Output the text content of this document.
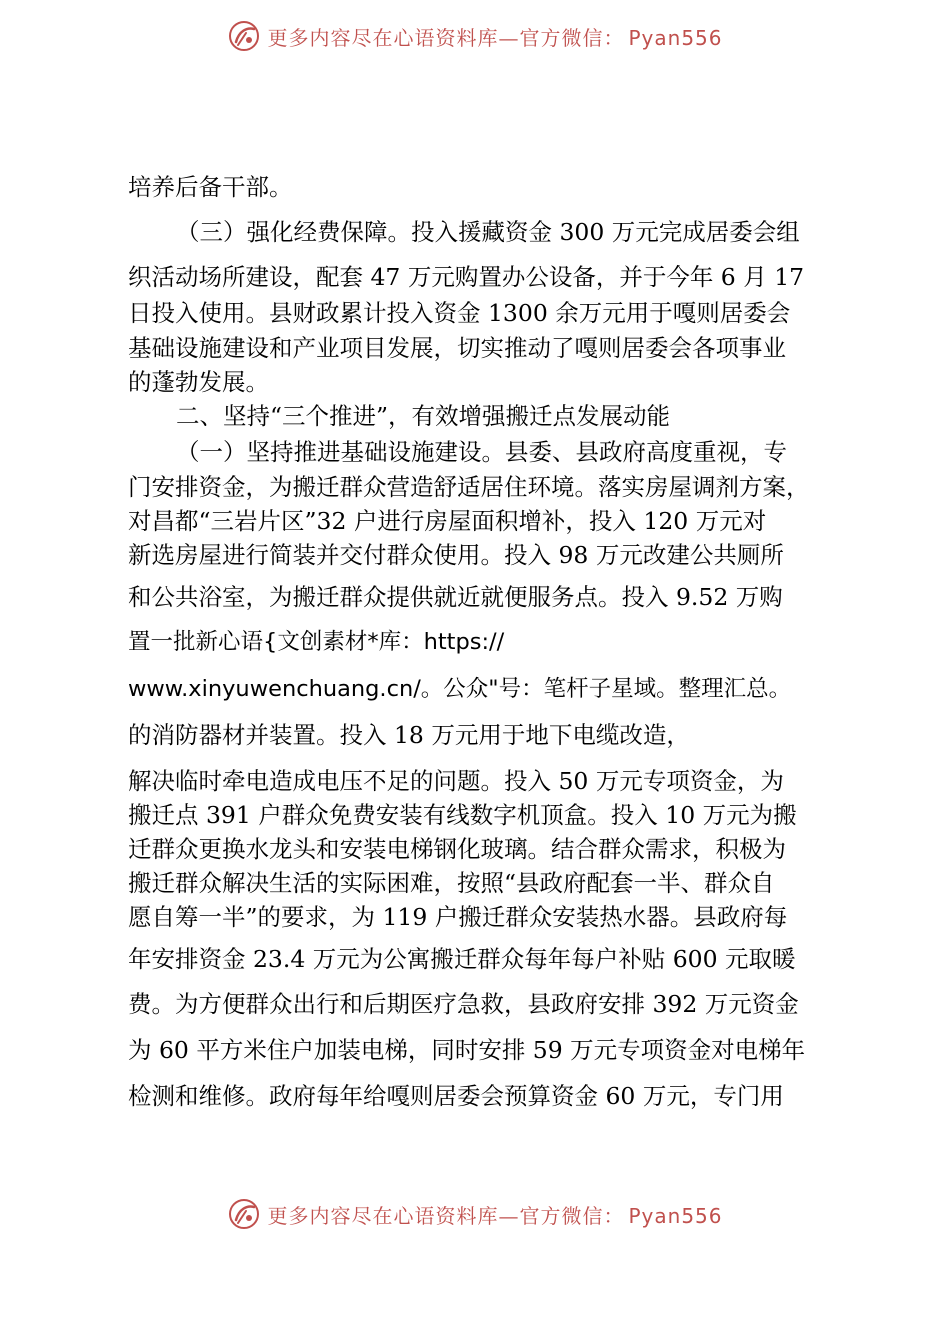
更多内容尽在心语资料库—官方微信： Pyan556
培养后备干部。
（三）强化经费保障。投入援藏资金 300 万元完成居委会组
织活动场所建设，配套 47 万元购置办公设备，并于今年 6 月 17
日投入使用。县财政累计投入资金 1300 余万元用于嘎则居委会
基础设施建设和产业项目发展，切实推动了嘎则居委会各项事业
的蓬勃发展。
二、坚持“三个推进”，有效增强搬迁点发展动能
（一）坚持推进基础设施建设。县委、县政府高度重视，专
门安排资金，为搬迁群众营造舒适居住环境。落实房屋调剂方案，
对昌都“三岩片区”32 户进行房屋面积增补，投入 120 万元对
新选房屋进行简装并交付群众使用。投入 98 万元改建公共厕所
和公共浴室，为搬迁群众提供就近就便服务点。投入 9.52 万购
置一批新心语{文创素材*库：https://
www.xinyuwenchuang.cn/。公众"号：笔杆子星域。整理汇总。
的消防器材并装置。投入 18 万元用于地下电缆改造，
解决临时牵电造成电压不足的问题。投入 50 万元专项资金，为
搬迁点 391 户群众免费安装有线数字机顶盒。投入 10 万元为搬
迁群众更换水龙头和安装电梯钢化玻璃。结合群众需求，积极为
搬迁群众解决生活的实际困难，按照“县政府配套一半、群众自
愿自筹一半”的要求，为 119 户搬迁群众安装热水器。县政府每
年安排资金 23.4 万元为公寓搬迁群众每年每户补贴 600 元取暖
费。为方便群众出行和后期医疗急救，县政府安排 392 万元资金
为 60 平方米住户加装电梯，同时安排 59 万元专项资金对电梯年
检测和维修。政府每年给嘎则居委会预算资金 60 万元，专门用
更多内容尽在心语资料库—官方微信： Pyan556
